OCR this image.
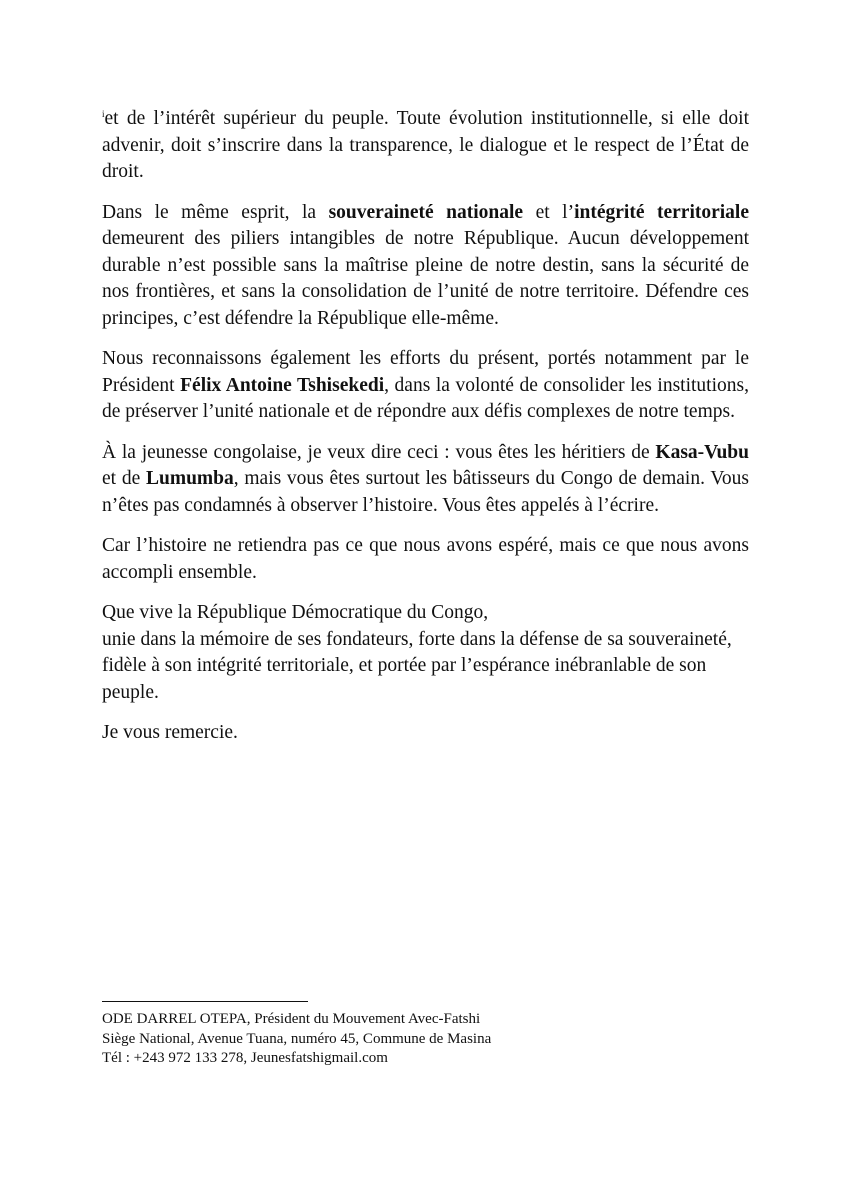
$^i$et de l’intérêt supérieur du peuple. Toute évolution institutionnelle, si elle doit advenir, doit s’inscrire dans la transparence, le dialogue et le respect de l’État de droit.

Dans le même esprit, la souveraineté nationale et l’intégrité territoriale demeurent des piliers intangibles de notre République. Aucun développement durable n’est possible sans la maîtrise pleine de notre destin, sans la sécurité de nos frontières, et sans la consolidation de l’unité de notre territoire. Défendre ces principes, c’est défendre la République elle-même.

Nous reconnaissons également les efforts du présent, portés notamment par le Président Félix Antoine Tshisekedi, dans la volonté de consolider les institutions, de préserver l’unité nationale et de répondre aux défis complexes de notre temps.

À la jeunesse congolaise, je veux dire ceci : vous êtes les héritiers de Kasa-Vubu et de Lumumba, mais vous êtes surtout les bâtisseurs du Congo de demain. Vous n’êtes pas condamnés à observer l’histoire. Vous êtes appelés à l’écrire.

Car l’histoire ne retiendra pas ce que nous avons espéré, mais ce que nous avons accompli ensemble.

Que vive la République Démocratique du Congo,
unie dans la mémoire de ses fondateurs, forte dans la défense de sa souveraineté, fidèle à son intégrité territoriale, et portée par l’espérance inébranlable de son peuple.

Je vous remercie.

ODE DARREL OTEPA, Président du Mouvement Avec-Fatshi
Siège National, Avenue Tuana, numéro 45, Commune de Masina
Tél : +243 972 133 278, Jeunesfatshigmail.com
